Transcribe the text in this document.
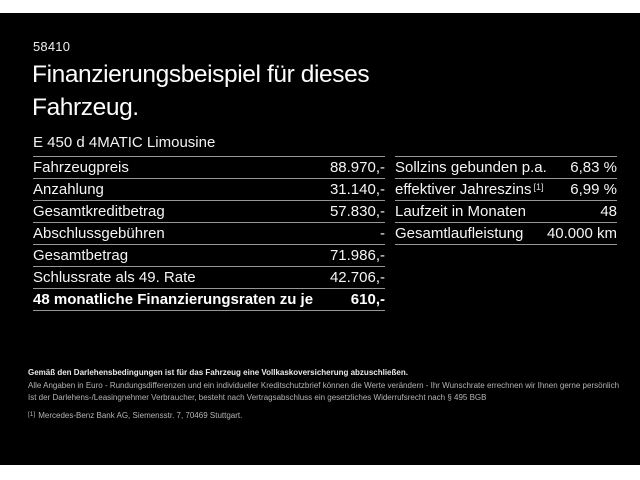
58410
Finanzierungsbeispiel für dieses Fahrzeug.
E 450 d 4MATIC Limousine
Fahrzeugpreis	88.970,-
Anzahlung	31.140,-
Gesamtkreditbetrag	57.830,-
Abschlussgebühren	-
Gesamtbetrag	71.986,-
Schlussrate als 49. Rate	42.706,-
48 monatliche Finanzierungsraten zu je	610,-
Sollzins gebunden p.a. 6,83 %
effektiver Jahreszins [1] 6,99 %
Laufzeit in Monaten	48
Gesamtlaufleistung 40.000 km
Gemäß den Darlehensbedingungen ist für das Fahrzeug eine Vollkaskoversicherung abzuschließen.
Alle Angaben in Euro - Rundungsdifferenzen und ein individueller Kreditschutzbrief können die Werte verändern - Ihr Wunschrate errechnen wir Ihnen gerne persönlich
Ist der Darlehens-/Leasingnehmer Verbraucher, besteht nach Vertragsabschluss ein gesetzliches Widerrufsrecht nach § 495 BGB
[1] Mercedes-Benz Bank AG, Siemensstr. 7, 70469 Stuttgart.
